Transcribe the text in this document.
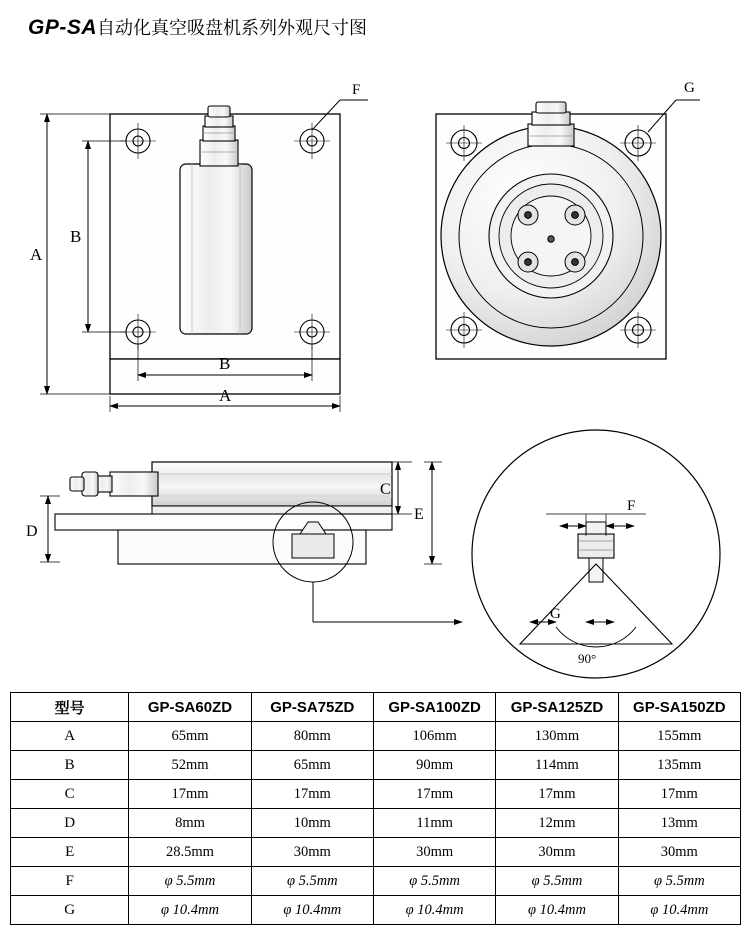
GP-SA自动化真空吸盘机系列外观尺寸图
F
A
B
B
A
G
C
E
D
90°
F
G
型号	GP-SA60ZD	GP-SA75ZD	GP-SA100ZD	GP-SA125ZD	GP-SA150ZD
A	65mm	80mm	106mm	130mm	155mm
B	52mm	65mm	90mm	114mm	135mm
C	17mm	17mm	17mm	17mm	17mm
D	8mm	10mm	11mm	12mm	13mm
E	28.5mm	30mm	30mm	30mm	30mm
F	φ 5.5mm	φ 5.5mm	φ 5.5mm	φ 5.5mm	φ 5.5mm
G	φ 10.4mm	φ 10.4mm	φ 10.4mm	φ 10.4mm	φ 10.4mm
